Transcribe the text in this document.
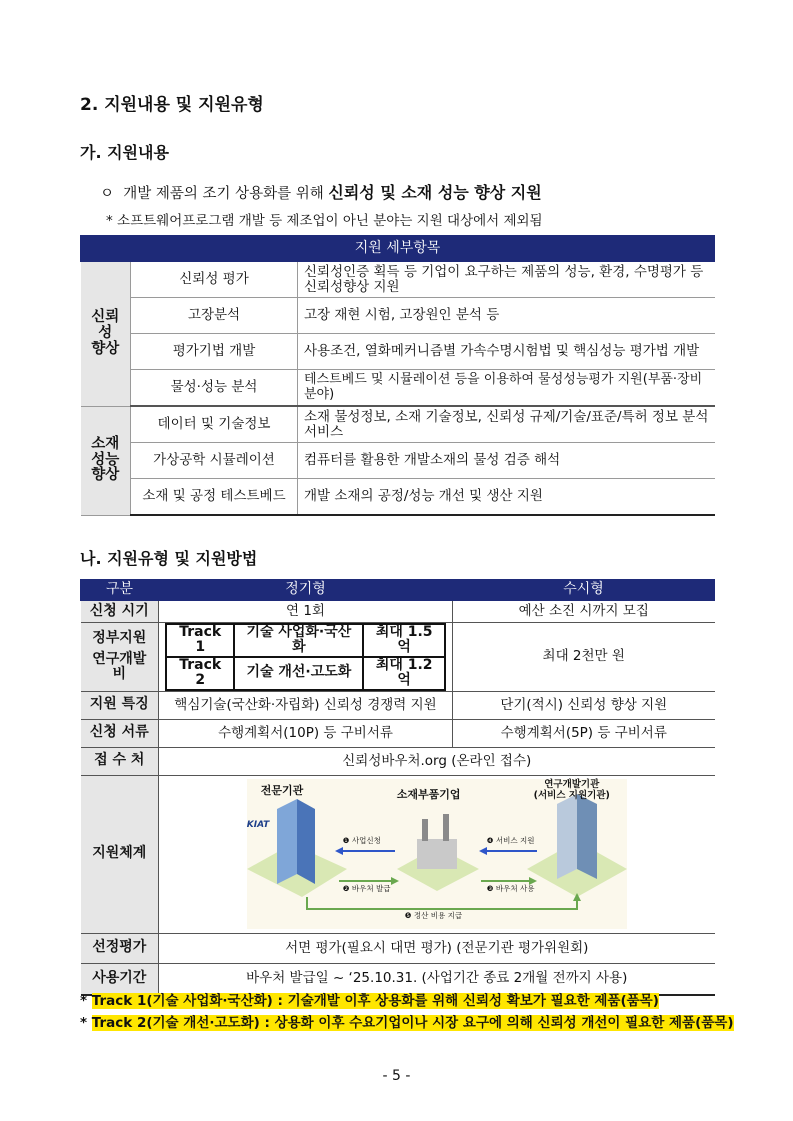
2. 지원내용 및 지원유형
가. 지원내용
ㅇ 개발 제품의 조기 상용화를 위해 신뢰성 및 소재 성능 향상 지원
* 소프트웨어프로그램 개발 등 제조업이 아닌 분야는 지원 대상에서 제외됨
지원 세부항목		
신뢰성
향상	신뢰성 평가	신뢰성인증 획득 등 기업이 요구하는 제품의 성능, 환경, 수명평가 등 신뢰성향상 지원
	고장분석	고장 재현 시험, 고장원인 분석 등
	평가기법 개발	사용조건, 열화메커니즘별 가속수명시험법 및 핵심성능 평가법 개발
	물성·성능 분석	테스트베드 및 시뮬레이션 등을 이용하여 물성성능평가 지원(부품·장비분야)
소재
성능
향상	데이터 및 기술정보	소재 물성정보, 소재 기술정보, 신뢰성 규제/기술/표준/특허 정보 분석 서비스
	가상공학 시뮬레이션	컴퓨터를 활용한 개발소재의 물성 검증 해석
	소재 및 공정 테스트베드	개발 소재의 공정/성능 개선 및 생산 지원
나. 지원유형 및 지원방법
구분	정기형	수시형
신청 시기	연 1회	예산 소진 시까지 모집

정부지원
연구개발비

Track 1	기술 사업화·국산화	최대 1.5억
Track 2	기술 개선·고도화	최대 1.2억
	최대 2천만 원
지원 특징	핵심기술(국산화·자립화) 신뢰성 경쟁력 지원	단기(적시) 신뢰성 향상 지원
신청 서류	수행계획서(10P) 등 구비서류	수행계획서(5P) 등 구비서류
접 수 처	신뢰성바우처.org (온라인 접수)
지원체계	
전문기관
KIAT
소재부품기업
연구개발기관
(서비스 지원기관)
❶ 사업신청
❷ 바우처 발급	❸ 바우처 사용
❹ 서비스 지원
❺ 정산 비용 지급

선정평가	서면 평가(필요시 대면 평가) (전문기관 평가위원회)
사용기간	바우처 발급일 ~ ‘25.10.31. (사업기간 종료 2개월 전까지 사용)
* Track 1(기술 사업화·국산화) : 기술개발 이후 상용화를 위해 신뢰성 확보가 필요한 제품(품목)
* Track 2(기술 개선·고도화) : 상용화 이후 수요기업이나 시장 요구에 의해 신뢰성 개선이 필요한 제품(품목)
- 5 -
